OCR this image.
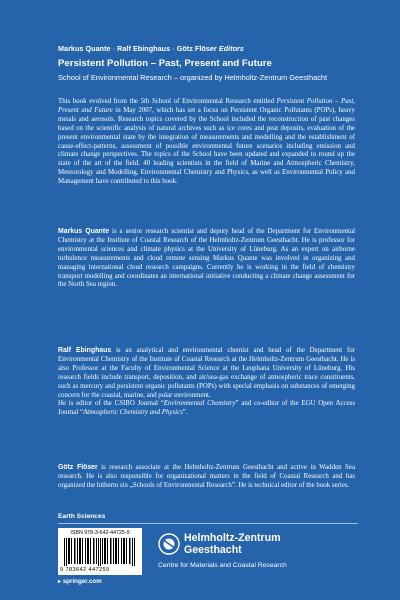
Markus Quante · Ralf Ebinghaus · Götz Flöser Editors
Persistent Pollution – Past, Present and Future
School of Environmental Research – organized by Helmholtz-Zentrum Geesthacht

This book evolved from the 5th School of Environmental Research entitled Persistent Pollution – Past, Present and Future in May 2007, which has set a focus on Persistent Organic Pollutants (POPs), heavy metals and aerosols. Research topics covered by the School included the reconstruction of past changes based on the scientific analysis of natural archives such as ice cores and peat deposits, evaluation of the present environmental state by the integration of measurements and modelling and the establishment of cause-effect-patterns, assessment of possible environmental future scenarios including emission and climate change perspectives. The topics of the School have been updated and expanded to round up the state of the art of the field. 40 leading scientists in the field of Marine and Atmospheric Chemistry, Meteorology and Modelling, Environmental Chemistry and Physics, as well as Environmental Policy and Management have contributed to this book.

Markus Quante is a senior research scientist and deputy head of the Department for Environmental Chemistry at the Institute of Coastal Research of the Helmholtz-Zentrum Geesthacht. He is professor for environmental sciences and climate physics at the University of Lüneburg. As an expert on airborne turbulence measurements and cloud remote sensing Markus Quante was involved in organizing and managing international cloud research campaigns. Currently he is working in the field of chemistry transport modelling and coordinates an international initiative conducting a climate change assessment for the North Sea region.

Ralf Ebinghaus is an analytical and environmental chemist and head of the Department for Environmental Chemistry of the Institute of Coastal Research at the Helmholtz-Zentrum Geesthacht. He is also Professor at the Faculty of Environmental Science at the Leuphana University of Lüneburg. His research fields include transport, deposition, and air/sea-gas exchange of atmospheric trace constituents, such as mercury and persistent organic pollutants (POPs) with special emphasis on substances of emerging concern for the coastal, marine, and polar environment.

He is editor of the CSIRO Journal “Environmental Chemistry” and co-editor of the EGU Open Access Journal “Atmospheric Chemistry and Physics”.

Götz Flöser is research associate at the Helmholtz-Zentrum Geesthacht and active in Wadden Sea research. He is also responsible for organizational matters in the field of Coastal Research and has organized the hitherto six „Schools of Environmental Research”. He is technical editor of the book series.

Earth Sciences
ISBN 978-3-642-44725-9
9 783642 447259
Helmholtz-Zentrum
Geesthacht
Centre for Materials and Coastal Research
▸ springer.com
